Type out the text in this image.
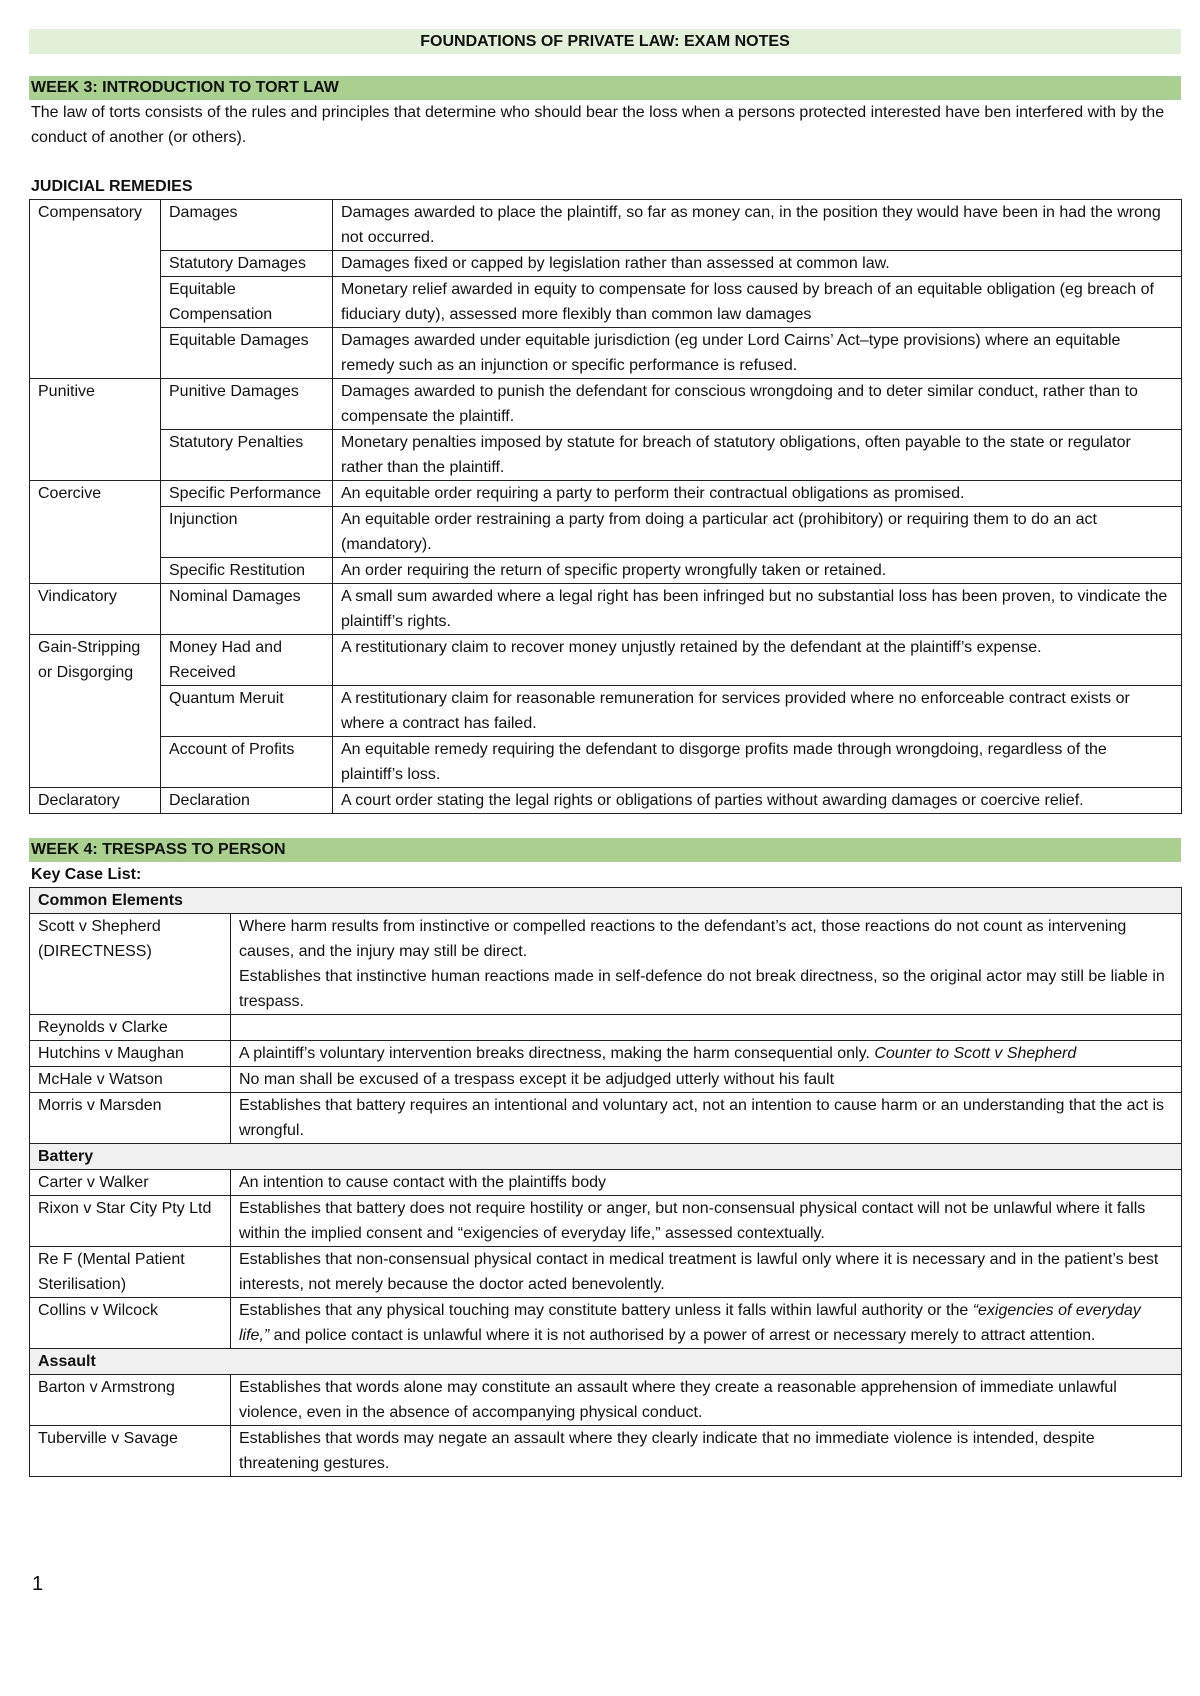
FOUNDATIONS OF PRIVATE LAW: EXAM NOTES
WEEK 3: INTRODUCTION TO TORT LAW

The law of torts consists of the rules and principles that determine who should bear the loss when a persons protected interested have ben interfered with by the conduct of another (or others).

JUDICIAL REMEDIES
Compensatory	Damages	Damages awarded to place the plaintiff, so far as money can, in the position they would have been in had the wrong not occurred.
	Statutory Damages	Damages fixed or capped by legislation rather than assessed at common law.
	Equitable Compensation	Monetary relief awarded in equity to compensate for loss caused by breach of an equitable obligation (eg breach of fiduciary duty), assessed more flexibly than common law damages
	Equitable Damages	Damages awarded under equitable jurisdiction (eg under Lord Cairns’ Act–type provisions) where an equitable remedy such as an injunction or specific performance is refused.
Punitive	Punitive Damages	Damages awarded to punish the defendant for conscious wrongdoing and to deter similar conduct, rather than to compensate the plaintiff.
	Statutory Penalties	Monetary penalties imposed by statute for breach of statutory obligations, often payable to the state or regulator rather than the plaintiff.
Coercive	Specific Performance	An equitable order requiring a party to perform their contractual obligations as promised.
	Injunction	An equitable order restraining a party from doing a particular act (prohibitory) or requiring them to do an act (mandatory).
	Specific Restitution	An order requiring the return of specific property wrongfully taken or retained.
Vindicatory	Nominal Damages	A small sum awarded where a legal right has been infringed but no substantial loss has been proven, to vindicate the plaintiff’s rights.
Gain-Stripping or Disgorging	Money Had and Received	A restitutionary claim to recover money unjustly retained by the defendant at the plaintiff’s expense.
	Quantum Meruit	A restitutionary claim for reasonable remuneration for services provided where no enforceable contract exists or where a contract has failed.
	Account of Profits	An equitable remedy requiring the defendant to disgorge profits made through wrongdoing, regardless of the plaintiff’s loss.
Declaratory	Declaration	A court order stating the legal rights or obligations of parties without awarding damages or coercive relief.
WEEK 4: TRESPASS TO PERSON
Key Case List:
Common Elements	
Scott v Shepherd (DIRECTNESS)	Where harm results from instinctive or compelled reactions to the defendant’s act, those reactions do not count as intervening causes, and the injury may still be direct.
Establishes that instinctive human reactions made in self-defence do not break directness, so the original actor may still be liable in trespass.
Reynolds v Clarke	
Hutchins v Maughan	A plaintiff’s voluntary intervention breaks directness, making the harm consequential only. Counter to Scott v Shepherd
McHale v Watson	No man shall be excused of a trespass except it be adjudged utterly without his fault
Morris v Marsden	Establishes that battery requires an intentional and voluntary act, not an intention to cause harm or an understanding that the act is wrongful.
Battery	
Carter v Walker	An intention to cause contact with the plaintiffs body
Rixon v Star City Pty Ltd	Establishes that battery does not require hostility or anger, but non-consensual physical contact will not be unlawful where it falls within the implied consent and “exigencies of everyday life,” assessed contextually.
Re F (Mental Patient Sterilisation)	Establishes that non-consensual physical contact in medical treatment is lawful only where it is necessary and in the patient’s best interests, not merely because the doctor acted benevolently.
Collins v Wilcock	Establishes that any physical touching may constitute battery unless it falls within lawful authority or the “exigencies of everyday life,” and police contact is unlawful where it is not authorised by a power of arrest or necessary merely to attract attention.
Assault	
Barton v Armstrong	Establishes that words alone may constitute an assault where they create a reasonable apprehension of immediate unlawful violence, even in the absence of accompanying physical conduct.
Tuberville v Savage	Establishes that words may negate an assault where they clearly indicate that no immediate violence is intended, despite threatening gestures.
1
